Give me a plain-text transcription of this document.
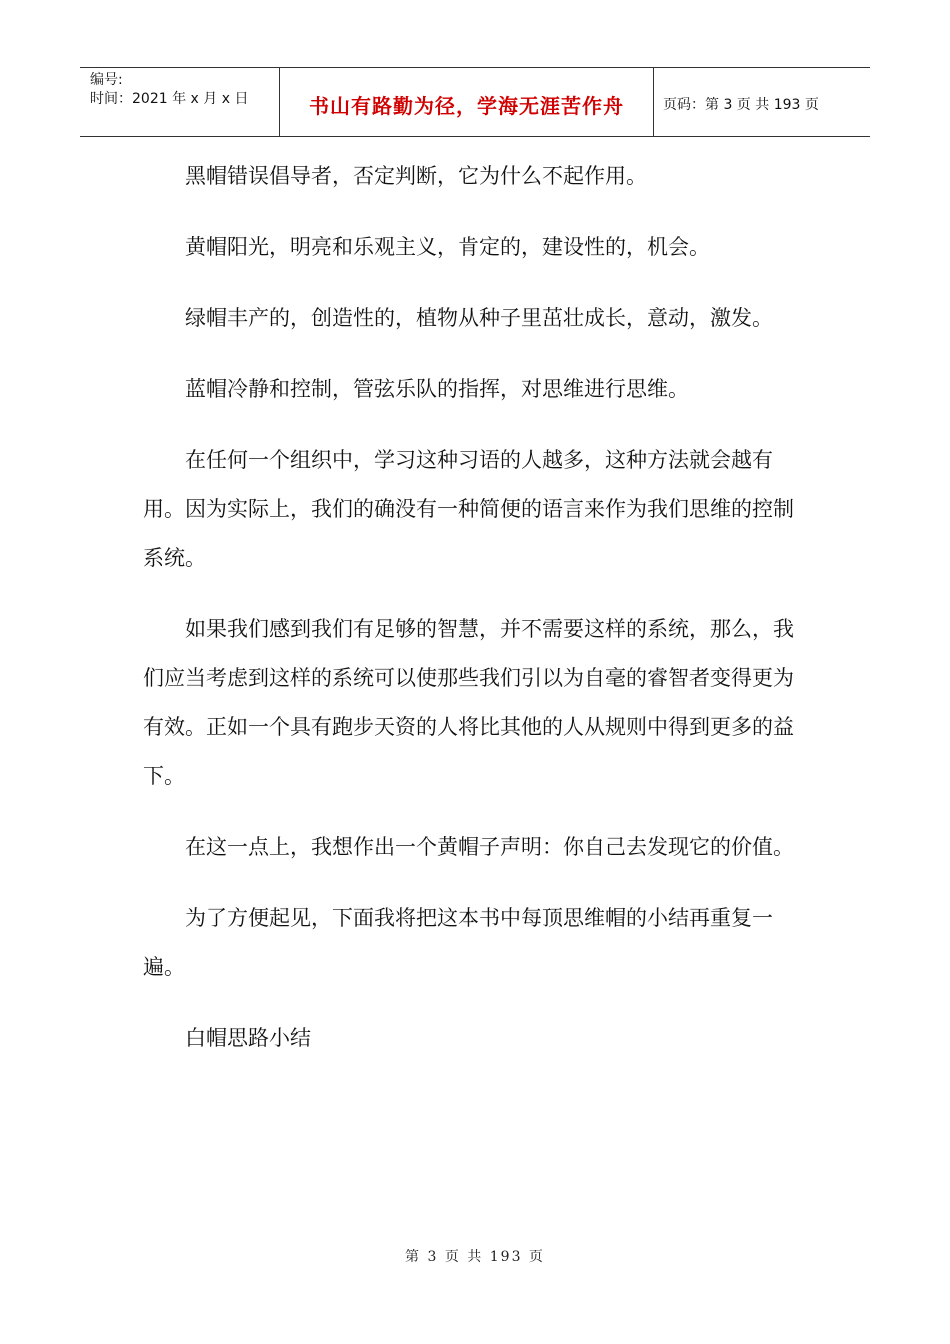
编号:
时间：2021 年 x 月 x 日	书山有路勤为径，学海无涯苦作舟	页码：第 3 页 共 193 页

黑帽错误倡导者，否定判断，它为什么不起作用。

黄帽阳光，明亮和乐观主义，肯定的，建设性的，机会。

绿帽丰产的，创造性的，植物从种子里茁壮成长，意动，激发。

蓝帽冷静和控制，管弦乐队的指挥，对思维进行思维。

在任何一个组织中，学习这种习语的人越多，这种方法就会越有用。因为实际上，我们的确没有一种简便的语言来作为我们思维的控制系统。

如果我们感到我们有足够的智慧，并不需要这样的系统，那么，我们应当考虑到这样的系统可以使那些我们引以为自毫的睿智者变得更为有效。正如一个具有跑步天资的人将比其他的人从规则中得到更多的益下。

在这一点上，我想作出一个黄帽子声明：你自己去发现它的价值。

为了方便起见，下面我将把这本书中每顶思维帽的小结再重复一遍。

白帽思路小结

第 3 页 共 193 页
